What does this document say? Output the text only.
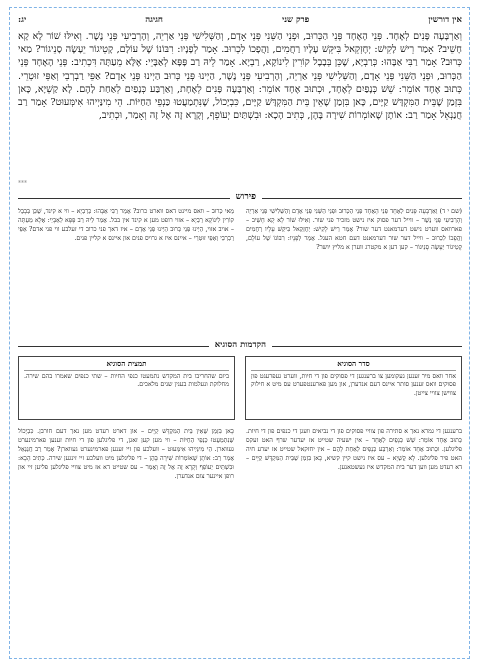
אין דורשין
פרק שני
חגיגה
יג:
וְאַרְבָּעָה פָּנִים לְאֶחָד. פְּנֵי הָאֶחָד פְּנֵי הַכְּרוּב, וּפְנֵי הַשֵּׁנִי פְּנֵי אָדָם, וְהַשְּׁלִישִׁי פְּנֵי אַרְיֵה, וְהָרְבִיעִי פְּנֵי נֶשֶׁר. וְאִילּוּ שׁוֹר לָא קָא חָשֵׁיב? אָמַר רֵישׁ לָקִישׁ: יְחֶזְקֵאל בִּיקֵּשׁ עָלָיו רַחֲמִים, וַהֲפָכוֹ לִכְרוּב. אָמַר לְפָנָיו: רִבּוֹנוֹ שֶׁל עוֹלָם, קָטֵיגוֹר יֵעָשֶׂה סָנֵיגוֹר? מַאי כְּרוּב? אָמַר רַבִּי אַבָּהוּ: כְּרַבְיָא, שֶׁכֵּן בְּבָבֶל קוֹרִין לִינוֹקָא, רַבְיָא. אָמַר לֵיהּ רַב פָּפָּא לְאַבָּיֵי: אֶלָּא מֵעַתָּה דִּכְתִיב: פְּנֵי הָאֶחָד פְּנֵי הַכְּרוּב, וּפְנֵי הַשֵּׁנִי פְּנֵי אָדָם, וְהַשְּׁלִישִׁי פְּנֵי אַרְיֵה, וְהָרְבִיעִי פְּנֵי נֶשֶׁר, הַיְינוּ פְּנֵי כְּרוּב הַיְינוּ פְּנֵי אָדָם? אַפֵּי רַבְרְבֵי וְאַפֵּי זוּטְרֵי. כְּתוּב אֶחָד אוֹמֵר: שֵׁשׁ כְּנָפַיִם לְאֶחָד, וּכְתוּב אֶחָד אוֹמֵר: וְאַרְבָּעָה פָּנִים לְאֶחָת, וְאַרְבַּע כְּנָפַיִם לְאַחַת לָהֶם. לָא קַשְׁיָא, כָּאן בִּזְמַן שֶׁבֵּית הַמִּקְדָּשׁ קַיָּים, כָּאן בִּזְמַן שֶׁאֵין בֵּית הַמִּקְדָּשׁ קַיָּים, כִּבְיָכוֹל, שֶׁנִּתְמַעֲטוּ כַּנְפֵי הַחַיּוֹת. הֵי מִינַּיְיהוּ אִימְּעוּט? אָמַר רַב חֲנַנְאֵל אָמַר רַב: אוֹתָן שֶׁאוֹמְרוֹת שִׁירָה בָּהֶן, כְּתִיב הָכָא: וּבִשְׁתַּיִם יְעוֹפֵף, וְקָרָא זֶה אֶל זֶה וְאָמַר, וּכְתִיב,
***
פירוש
(שם י ד) וְאַרְבָּעָה פָּנִים לְאֶחָד פְּנֵי הָאֶחָד פְּנֵי הַכְּרוּב וּפְנֵי הַשֵּׁנִי פְּנֵי אָדָם וְהַשְּׁלִישִׁי פְּנֵי אַרְיֵה וְהָרְבִיעִי פְּנֵי נֶשֶׁר – ווייל דער פסוק איז נישט מזכיר פני שור. וְאִילּוּ שׁוֹר לָא קָא חָשֵׁיב – פארוואס ווערט נישט דערמאנט דער שור? אָמַר רֵישׁ לָקִישׁ: יְחֶזְקֵאל בִּיקֵּשׁ עָלָיו רַחֲמִים וַהֲפָכוֹ לִכְרוּב – ווייל דער שור דערמאנט דעם חטא העגל. אָמַר לְפָנָיו: רִבּוֹנוֹ שֶׁל עוֹלָם, קָטֵיגוֹר יֵעָשֶׂה סָנֵיגוֹר – קען דען א מקטרג ווערן א מליץ יושר?
מַאי כְּרוּב – וואס מיינט דאס ווארט כרוב? אָמַר רַבִּי אַבָּהוּ: כְּרַבְיָא – ווי א קינד, שֶׁכֵּן בְּבָבֶל קוֹרִין לִינוֹקָא רַבְיָא – אזוי רופט מען א קינד אין בבל. אָמַר לֵיהּ רַב פָּפָּא לְאַבָּיֵי: אֶלָּא מֵעַתָּה – אויב אזוי, הַיְינוּ פְּנֵי כְּרוּב הַיְינוּ פְּנֵי אָדָם – איז דאך פני כרוב די זעלבע ווי פני אדם? אַפֵּי רַבְרְבֵי וְאַפֵּי זוּטְרֵי – איינס איז א גרויס פנים און איינס א קליין פנים.
הקדמות הסוגיא
סדר הסוגיא
אחר וואס מיר זענען געקומען צו ברענגען די פסוקים פון די חיות, ווערט געפרעגט פון פסוקים וואס זענען סותר איינס דעם אנדערן, און מען פארענטפערט עס מיט א חילוק צווישן צוויי צייטן.
תמצית הסוגיא
ביום שהחריבו בית המקדש נתמעטו כנפי החיות – שתי כנפים שאמרו בהם שירה. מחלוקת ונעלמות בענין שנים מלאכים.
ברענגען די גמרא נאך א סתירה פון צוויי פסוקים פון די נביאים וועגן די כנפים פון די חיות. כְּתוּב אֶחָד אוֹמֵר: שֵׁשׁ כְּנָפַיִם לְאֶחָד – אין ישעיה שטייט אז יעדער שרף האט זעקס פליגלען. וּכְתוּב אֶחָד אוֹמֵר: וְאַרְבַּע כְּנָפַיִם לְאַחַת לָהֶם – אין יחזקאל שטייט אז יעדע חיה האט פיר פליגלען. לָא קַשְׁיָא – עס איז נישט קיין קשיא, כָּאן בִּזְמַן שֶׁבֵּית הַמִּקְדָּשׁ קַיָּים – דא רעדט מען ווען דער בית המקדש איז געשטאנען.
כָּאן בִּזְמַן שֶׁאֵין בֵּית הַמִּקְדָּשׁ קַיָּים – און דארט רעדט מען נאך דעם חורבן. כִּבְיָכוֹל שֶׁנִּתְמַעֲטוּ כַּנְפֵי הַחַיּוֹת – ווי מען קען זאגן, די פליגלען פון די חיות זענען פארמינערט געווארן. הֵי מִינַּיְיהוּ אִימְּעוּט – וועלכע פון זיי זענען פארמינערט געווארן? אָמַר רַב חֲנַנְאֵל אָמַר רַב: אוֹתָן שֶׁאוֹמְרוֹת שִׁירָה בָּהֶן – די פליגלען מיט וועלכע זיי זינגען שירה. כְּתִיב הָכָא: וּבִשְׁתַּיִם יְעוֹפֵף וְקָרָא זֶה אֶל זֶה וְאָמַר – עס שטייט דא אז מיט צוויי פליגלען פליען זיי און רופן איינער צום אנדערן.
